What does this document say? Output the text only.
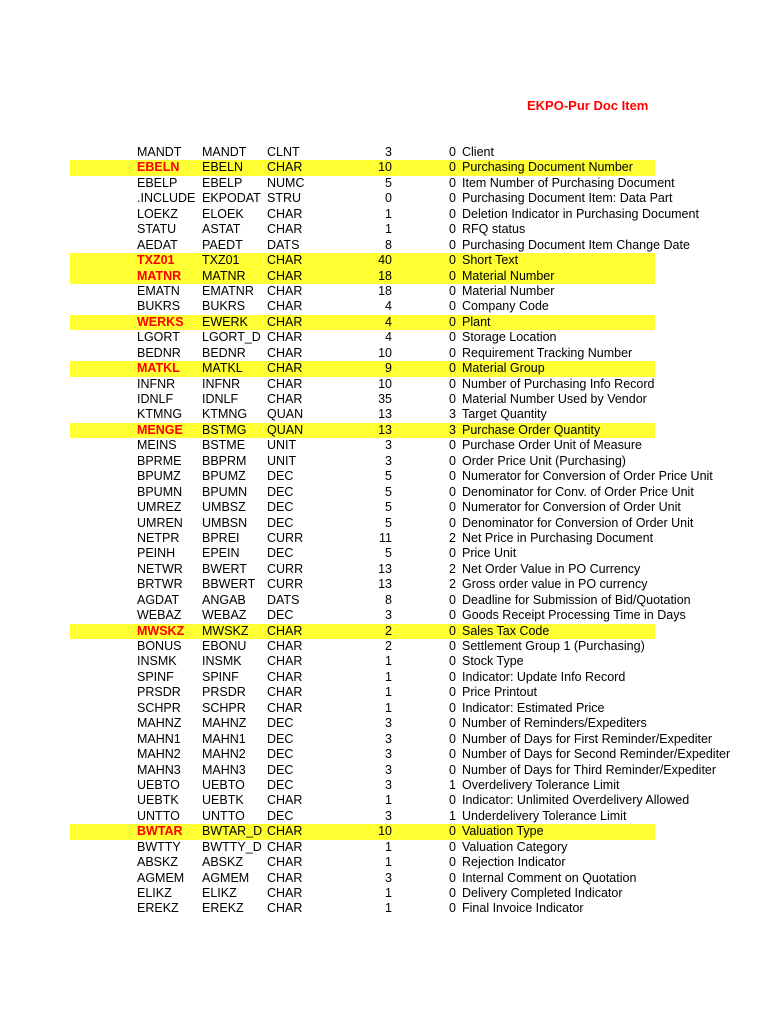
EKPO-Pur Doc Item
MANDT	MANDT	CLNT	3	0 Client
EBELN	EBELN	CHAR	10	0 Purchasing Document Number
EBELP	EBELP	NUMC	5	0 Item Number of Purchasing Document
.INCLUDE EKPODAT STRU	0	0 Purchasing Document Item: Data Part
LOEKZ	ELOEK	CHAR	1	0 Deletion Indicator in Purchasing Document
STATU	ASTAT	CHAR	1	0 RFQ status
AEDAT	PAEDT	DATS	8	0 Purchasing Document Item Change Date
TXZ01	TXZ01	CHAR	40	0 Short Text
MATNR	MATNR	CHAR	18	0 Material Number
EMATN	EMATNR	CHAR	18	0 Material Number
BUKRS	BUKRS	CHAR	4	0 Company Code
WERKS	EWERK	CHAR	4	0 Plant
LGORT	LGORT_D CHAR	4	0 Storage Location
BEDNR	BEDNR	CHAR	10	0 Requirement Tracking Number
MATKL	MATKL	CHAR	9	0 Material Group
INFNR	INFNR	CHAR	10	0 Number of Purchasing Info Record
IDNLF	IDNLF	CHAR	35	0 Material Number Used by Vendor
KTMNG	KTMNG	QUAN	13	3 Target Quantity
MENGE	BSTMG	QUAN	13	3 Purchase Order Quantity
MEINS	BSTME	UNIT	3	0 Purchase Order Unit of Measure
BPRME	BBPRM	UNIT	3	0 Order Price Unit (Purchasing)
BPUMZ	BPUMZ	DEC	5	0 Numerator for Conversion of Order Price Unit
BPUMN	BPUMN	DEC	5	0 Denominator for Conv. of Order Price Unit
UMREZ	UMBSZ	DEC	5	0 Numerator for Conversion of Order Unit
UMREN	UMBSN	DEC	5	0 Denominator for Conversion of Order Unit
NETPR	BPREI	CURR	11	2 Net Price in Purchasing Document
PEINH	EPEIN	DEC	5	0 Price Unit
NETWR	BWERT	CURR	13	2 Net Order Value in PO Currency
BRTWR	BBWERT CURR	13	2 Gross order value in PO currency
AGDAT	ANGAB	DATS	8	0 Deadline for Submission of Bid/Quotation
WEBAZ	WEBAZ	DEC	3	0 Goods Receipt Processing Time in Days
MWSKZ	MWSKZ	CHAR	2	0 Sales Tax Code
BONUS	EBONU	CHAR	2	0 Settlement Group 1 (Purchasing)
INSMK	INSMK	CHAR	1	0 Stock Type
SPINF	SPINF	CHAR	1	0 Indicator: Update Info Record
PRSDR	PRSDR	CHAR	1	0 Price Printout
SCHPR	SCHPR	CHAR	1	0 Indicator: Estimated Price
MAHNZ	MAHNZ	DEC	3	0 Number of Reminders/Expediters
MAHN1	MAHN1	DEC	3	0 Number of Days for First Reminder/Expediter
MAHN2	MAHN2	DEC	3	0 Number of Days for Second Reminder/Expediter
MAHN3	MAHN3	DEC	3	0 Number of Days for Third Reminder/Expediter
UEBTO	UEBTO	DEC	3	1 Overdelivery Tolerance Limit
UEBTK	UEBTK	CHAR	1	0 Indicator: Unlimited Overdelivery Allowed
UNTTO	UNTTO	DEC	3	1 Underdelivery Tolerance Limit
BWTAR	BWTAR_D CHAR	10	0 Valuation Type
BWTTY	BWTTY_D CHAR	1	0 Valuation Category
ABSKZ	ABSKZ	CHAR	1	0 Rejection Indicator
AGMEM	AGMEM	CHAR	3	0 Internal Comment on Quotation
ELIKZ	ELIKZ	CHAR	1	0 Delivery Completed Indicator
EREKZ	EREKZ	CHAR	1	0 Final Invoice Indicator
